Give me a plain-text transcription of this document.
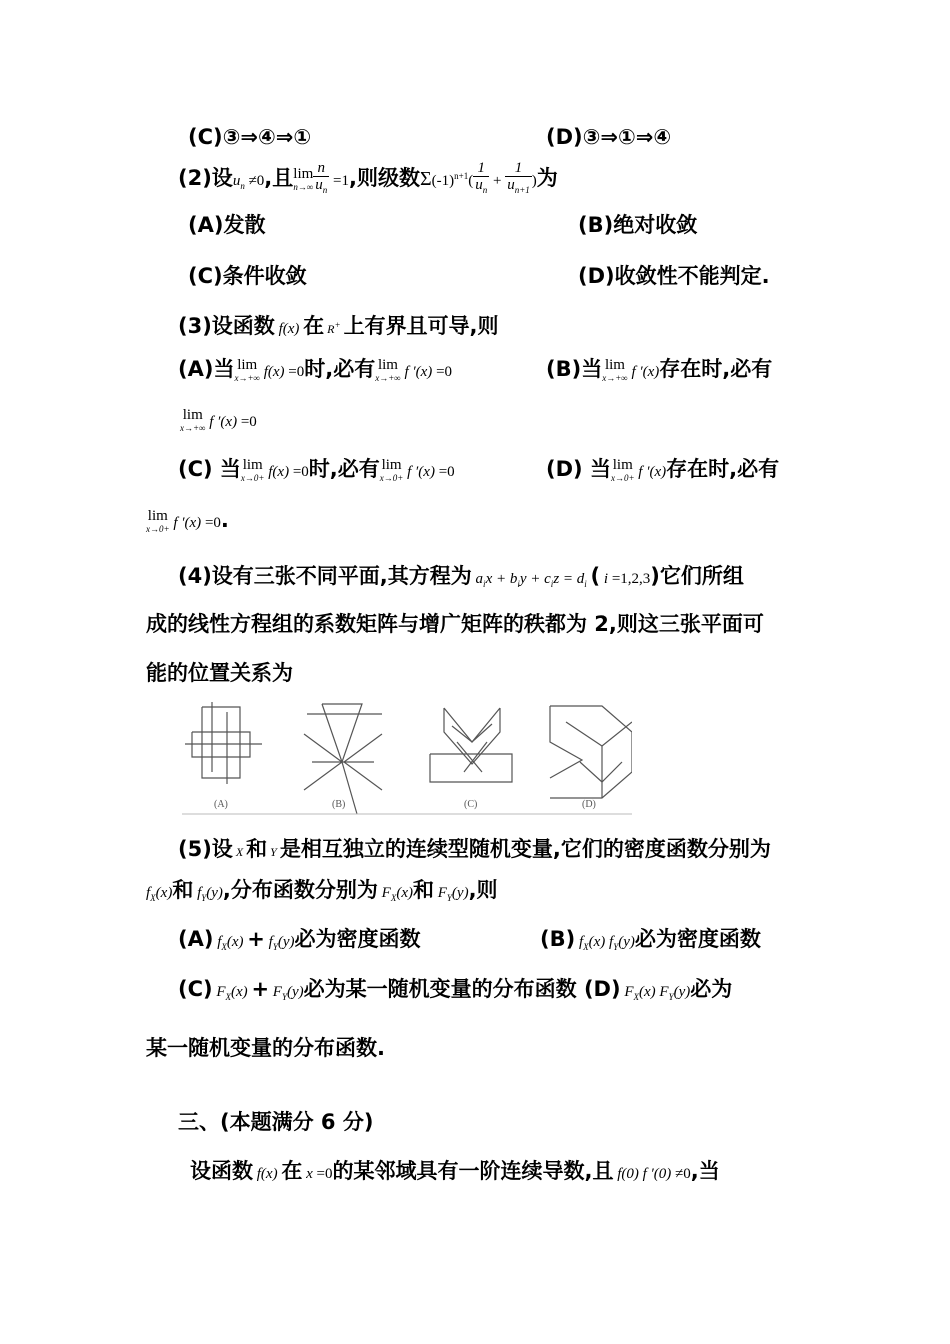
(C)③⇒④⇒①	(D)③⇒①⇒④
(2)设$u_n \ne 0$,且lim
$n\to\infty \frac{n}{u_n} =1$,则级数$\Sigma(-1)^{n+1}( \frac{1}{u_n} + \frac{1}{u_{n+1}}$ )为
(A)发散	(B)绝对收敛
(C)条件收敛	(D)收敛性不能判定.
(3)设函数 f(x) 在 R+ 上有界且可导,则
(A)当 lim
x→+∞ f(x) =0时,必有 lim
x→+∞ f ′(x) =0	(B)当 lim
x→+∞ f ′(x)存在时,必有
lim
x→+∞ f ′(x) =0
(C) 当 lim
x→0+ f(x) =0时,必有 lim
x→0+ f ′(x) =0	(D) 当 lim
x→0+ f ′(x)存在时,必有
lim
x→0+ f ′(x) =0.
(4)设有三张不同平面,其方程为 $a_ix + b_iy + c_iz = d_i$ ( i =1,2,3)它们所组
成的线性方程组的系数矩阵与增广矩阵的秩都为 2,则这三张平面可
能的位置关系为
(A)	(B)	(C)	(D)
(5)设 X 和 Y 是相互独立的连续型随机变量,它们的密度函数分别为
$f_X(x)$和 $f_Y(y)$,分布函数分别为 $F_X(x)$和 $F_Y(y)$,则
(A) $f_X(x) + f_Y(y)$必为密度函数	(B) $f_X(x)$ $f_Y(y)$必为密度函数
(C) $F_X(x) + F_Y(y)$必为某一随机变量的分布函数 (D) $F_X(x)$ $F_Y(y)$必为
某一随机变量的分布函数.
三、(本题满分 6 分)
设函数 f(x) 在 x =0的某邻域具有一阶连续导数,且 f(0) f ′(0) ≠0,当
